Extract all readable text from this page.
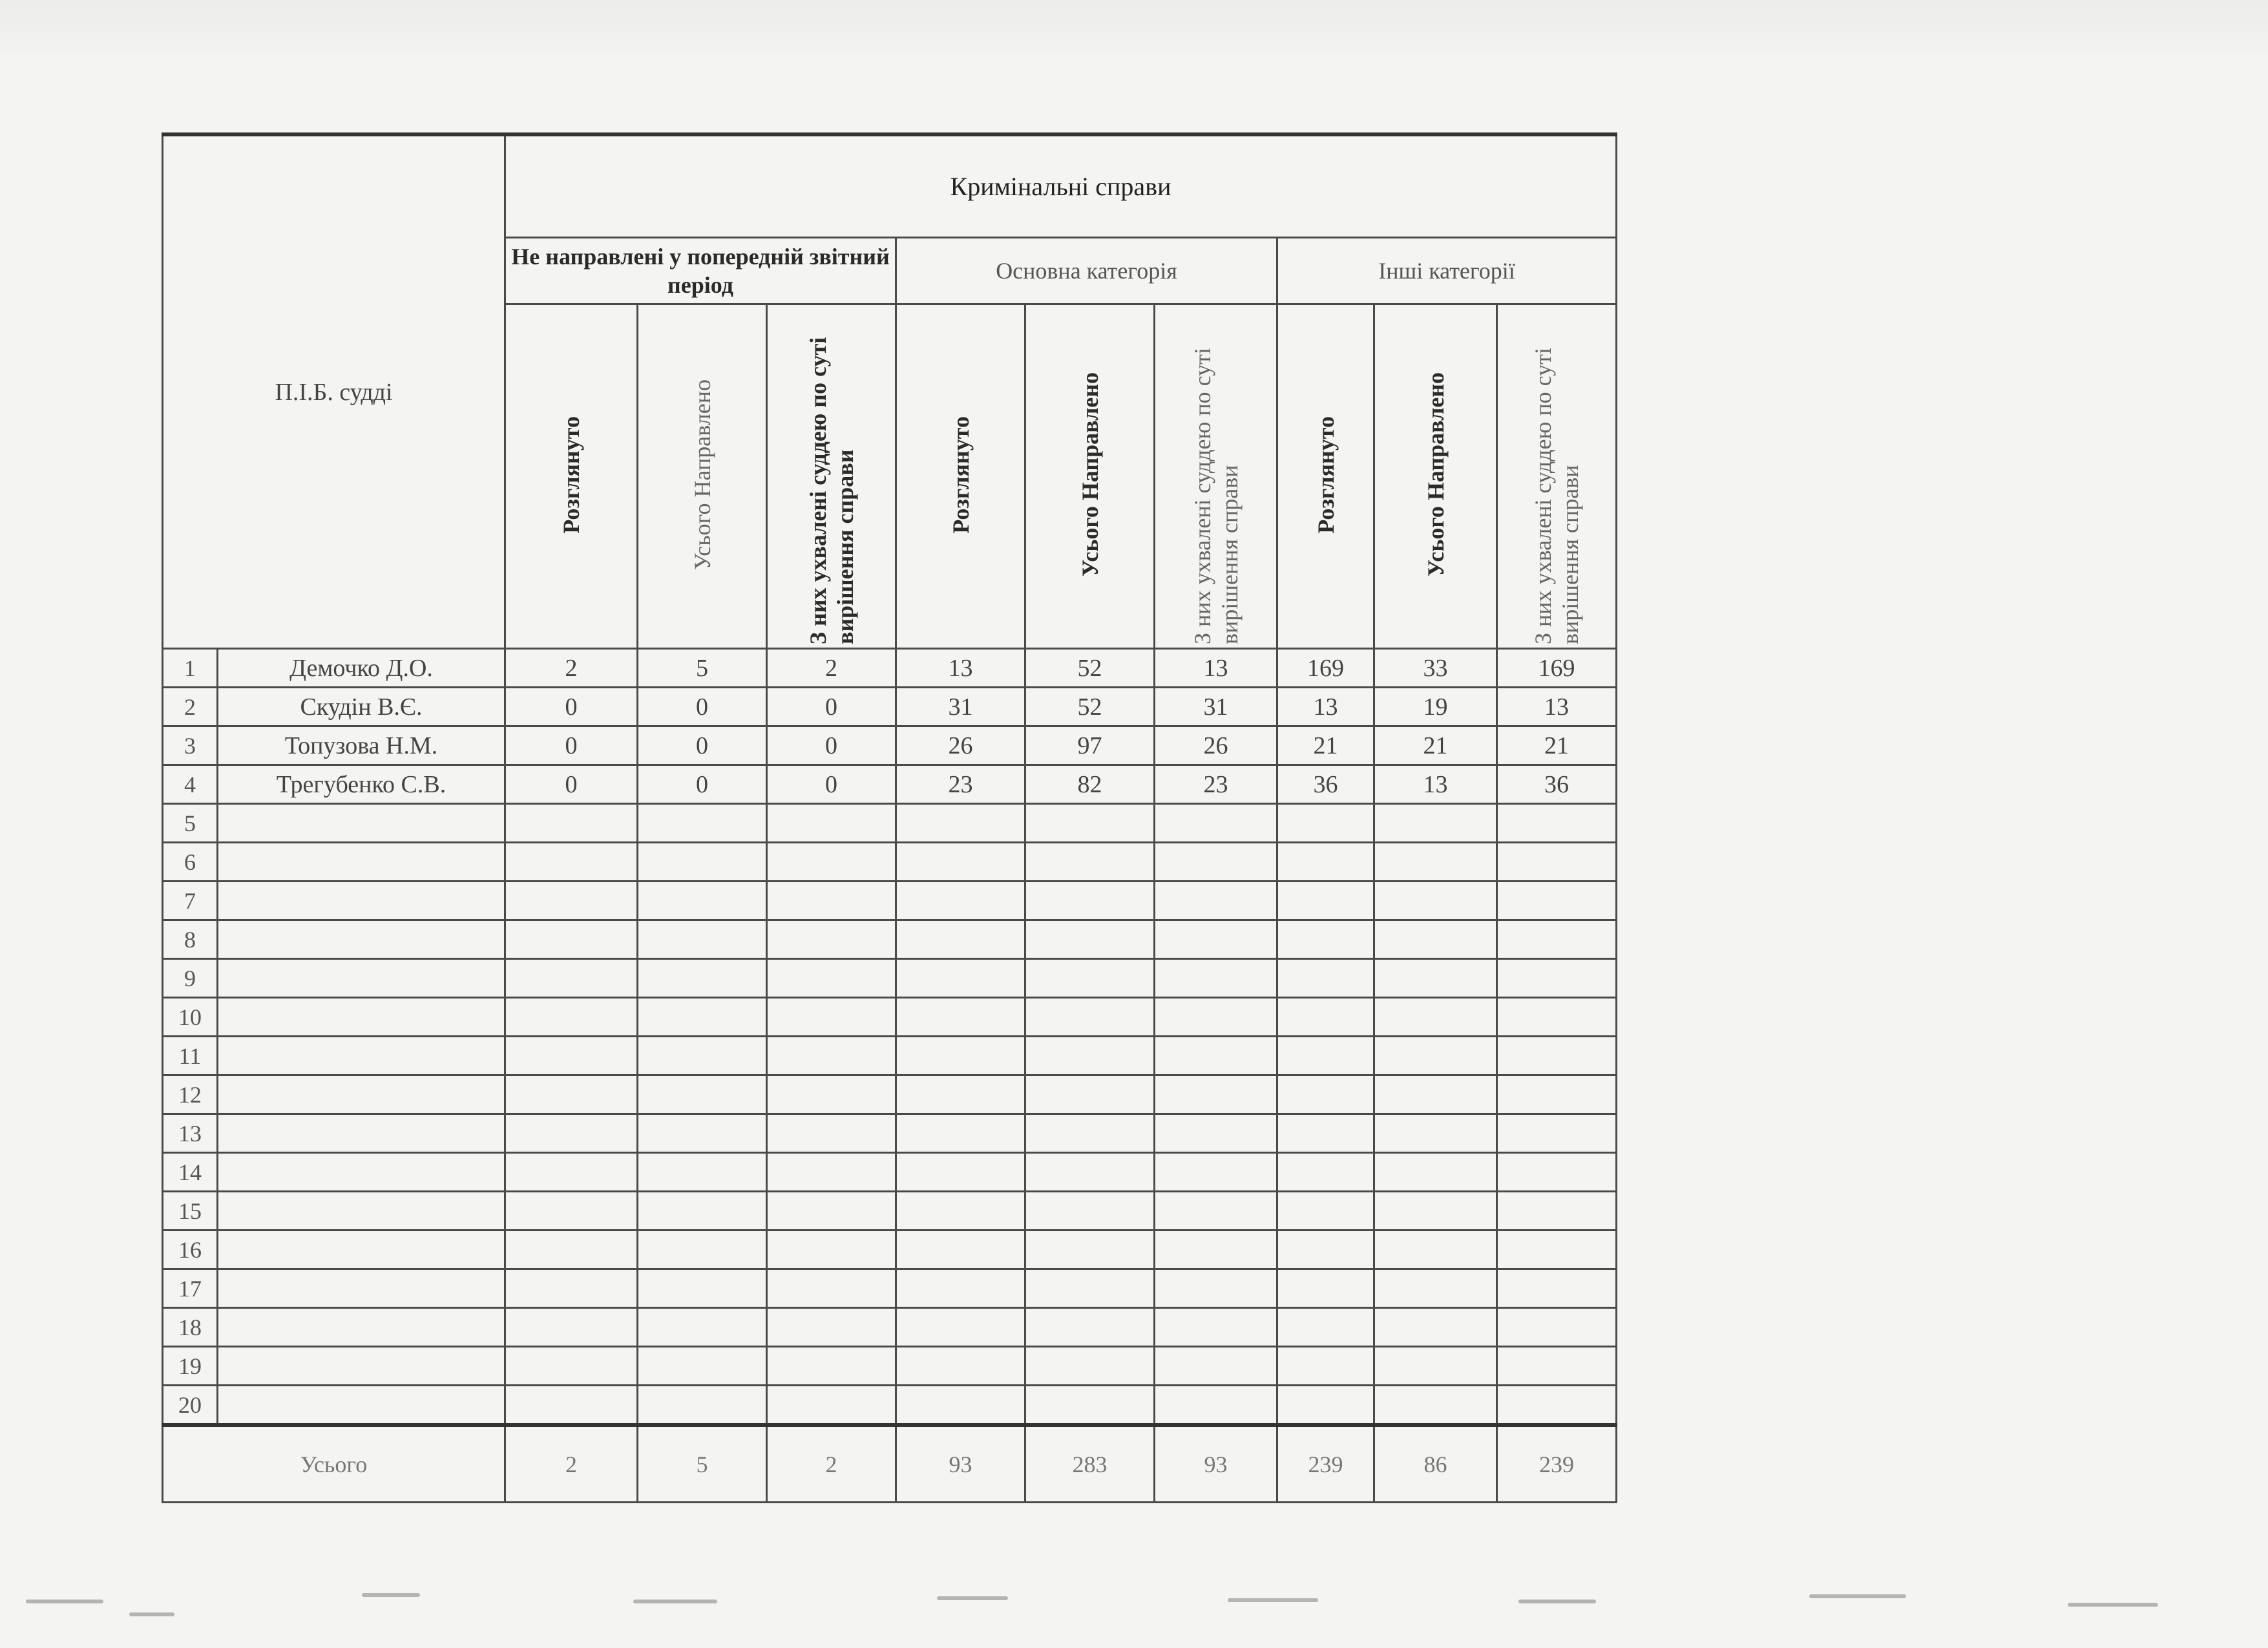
П.І.Б. судді		Кримінальні справи								
		Не направлені у попередній звітний період			Основна категорія			Інші категорії		
		Розглянуто	Усього Направлено	З них ухвалені суддею по суті вирішення справи	Розглянуто	Усього Направлено	З них ухвалені суддею по суті вирішення справи	Розглянуто	Усього Направлено	З них ухвалені суддею по суті вирішення справи
1	Демочко Д.О.	2	5	2	13	52	13	169	33	169
2	Скудін В.Є.	0	0	0	31	52	31	13	19	13
3	Топузова Н.М.	0	0	0	26	97	26	21	21	21
4	Трегубенко С.В.	0	0	0	23	82	23	36	13	36
5										
6										
7										
8										
9										
10										
11										
12										
13										
14										
15										
16										
17										
18										
19										
20										
Усього		2	5	2	93	283	93	239	86	239
